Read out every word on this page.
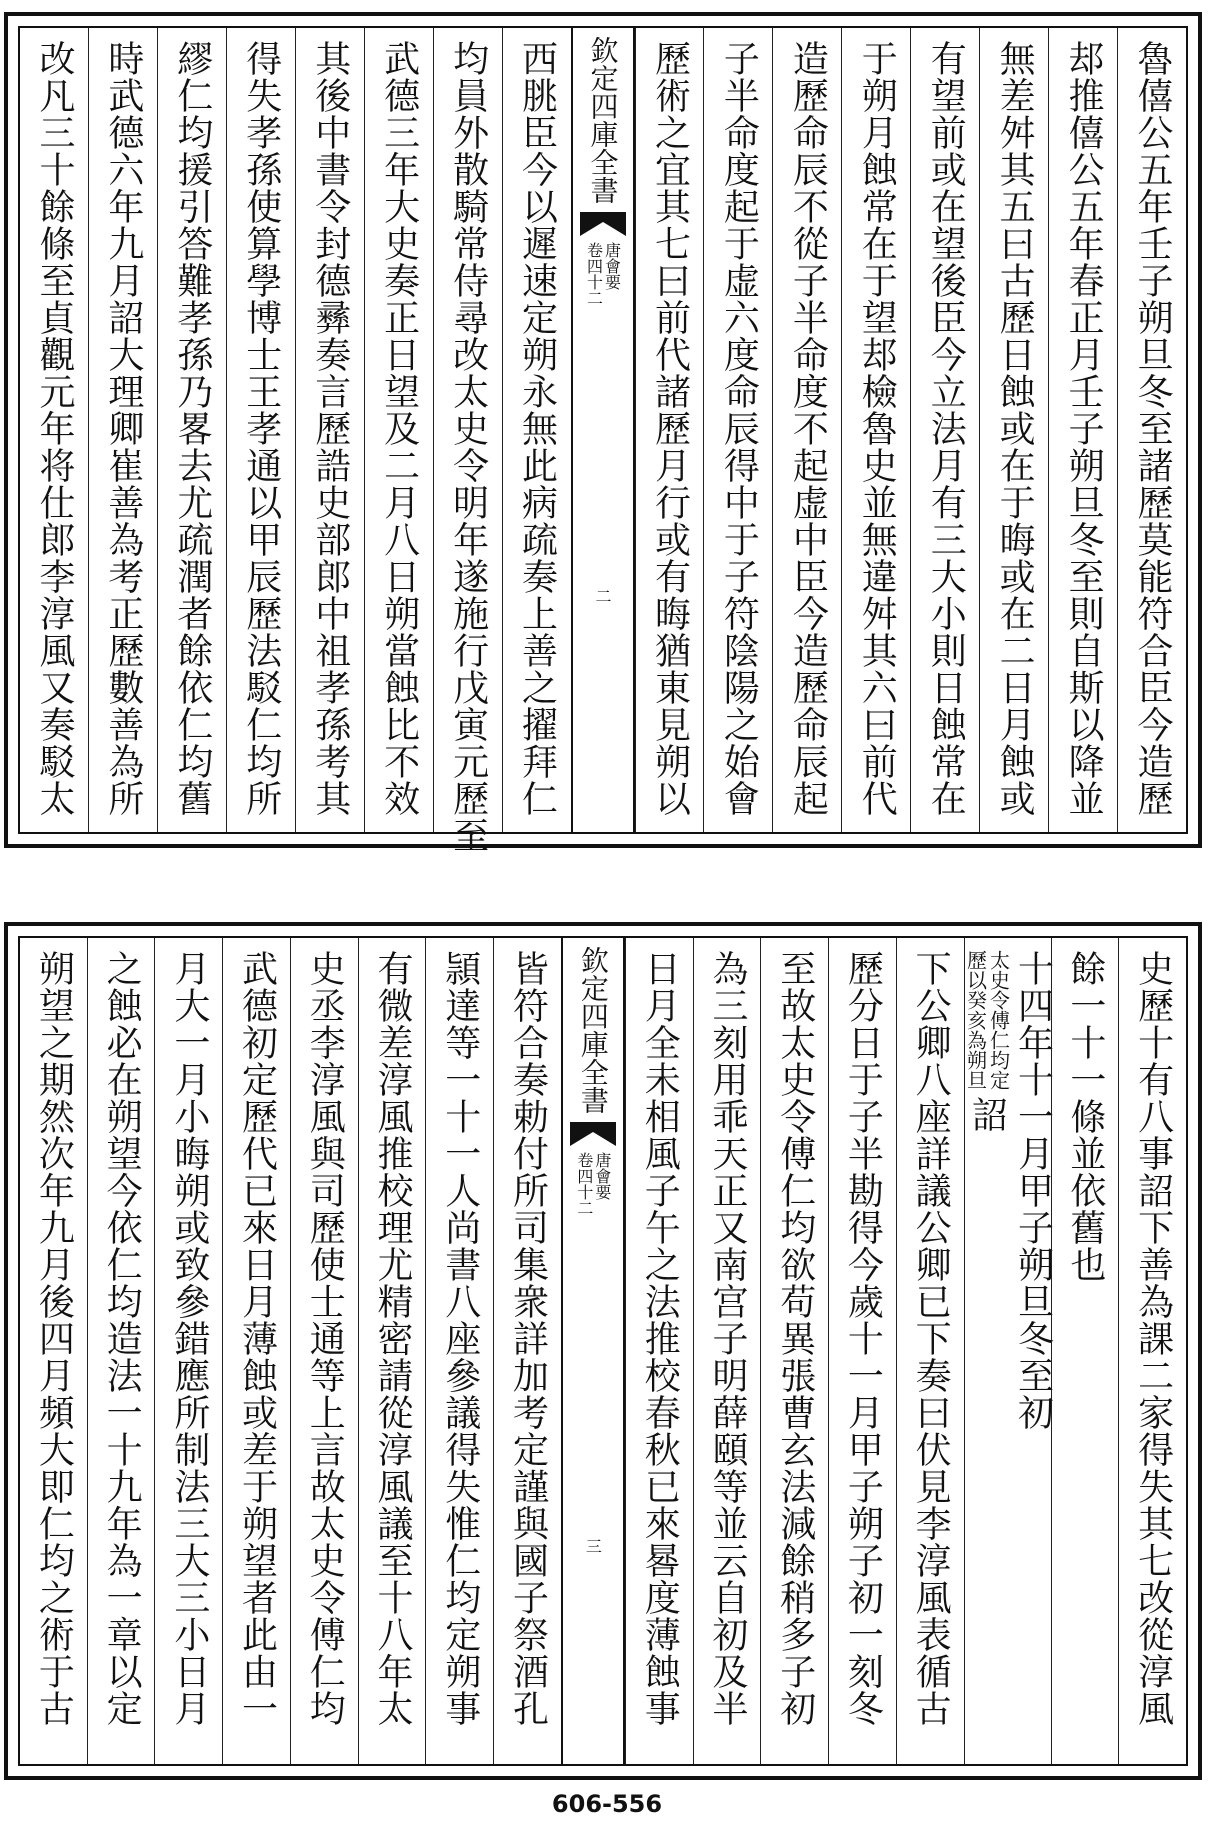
魯僖公五年壬子朔旦冬至諸歷莫能符合臣今造歷
𨚫推僖公五年春正月壬子朔旦冬至則自斯以降並
無差舛其五曰古歷日蝕或在于晦或在二日月蝕或
有望前或在望後臣今立法月有三大小則日蝕常在
于朔月蝕常在于望𨚫檢魯史並無違舛其六曰前代
造歷命辰不從子半命度不起虚中臣今造歷命辰起
子半命度起于虚六度命辰得中于子符陰陽之始會
歷術之宜其七曰前代諸歷月行或有晦猶東見朔以
欽定四庫全書
唐會要
卷四十二
二
西朓臣今以遲速定朔永無此病疏奏上善之擢拜仁
均員外散騎常侍尋改太史令明年遂施行戊寅元歷至
武德三年大史奏正日望及二月八日朔當蝕比不效
其後中書令封德彞奏言歷誥史部郎中祖孝孫考其
得失孝孫使算學博士王孝通以甲辰歷法駁仁均所
繆仁均援引答難孝孫乃畧去尤疏潤者餘依仁均舊
時武德六年九月詔大理卿崔善為考正歷數善為所
改凡三十餘條至貞觀元年将仕郎李淳風又奏駁太
史歷十有八事詔下善為課二家得失其七改從淳風
餘一十一條並依舊也
十四年十一月甲子朔旦冬至初
太史令傅仁均定
歷以癸亥為朔旦
詔
下公卿八座詳議公卿已下奏曰伏見李淳風表循古
歷分日于子半勘得今歲十一月甲子朔子初一刻冬
至故太史令傅仁均欲苟異張曹玄法減餘稍多子初
為三刻用乖天正又南宫子明薛頤等並云自初及半
日月全未相風子午之法推校春秋已來晷度薄蝕事
欽定四庫全書
唐會要
卷四十二
三
皆符合奏勅付所司集衆詳加考定謹與國子祭酒孔
頴達等一十一人尚書八座參議得失惟仁均定朔事
有微差淳風推校理尤精密請從淳風議至十八年太
史丞李淳風與司歷使士通等上言故太史令傅仁均
武德初定歷代已來日月薄蝕或差于朔望者此由一
月大一月小晦朔或致參錯應所制法三大三小日月
之蝕必在朔望今依仁均造法一十九年為一章以定
朔望之期然次年九月後四月頻大即仁均之術于古
606-556
